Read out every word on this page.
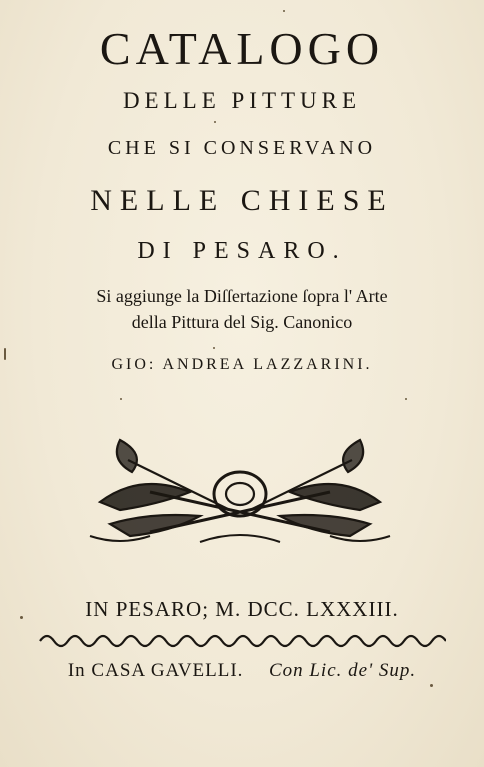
CATALOGO
DELLE PITTURE
CHE SI CONSERVANO
NELLE CHIESE
DI PESARO.
Si aggiunge la Diſſertazione ſopra l' Arte
della Pittura del Sig. Canonico
GIO: ANDREA LAZZARINI.
IN PESARO; M. DCC. LXXXIII.
In CASA GAVELLI. Con Lic. de' Sup.
